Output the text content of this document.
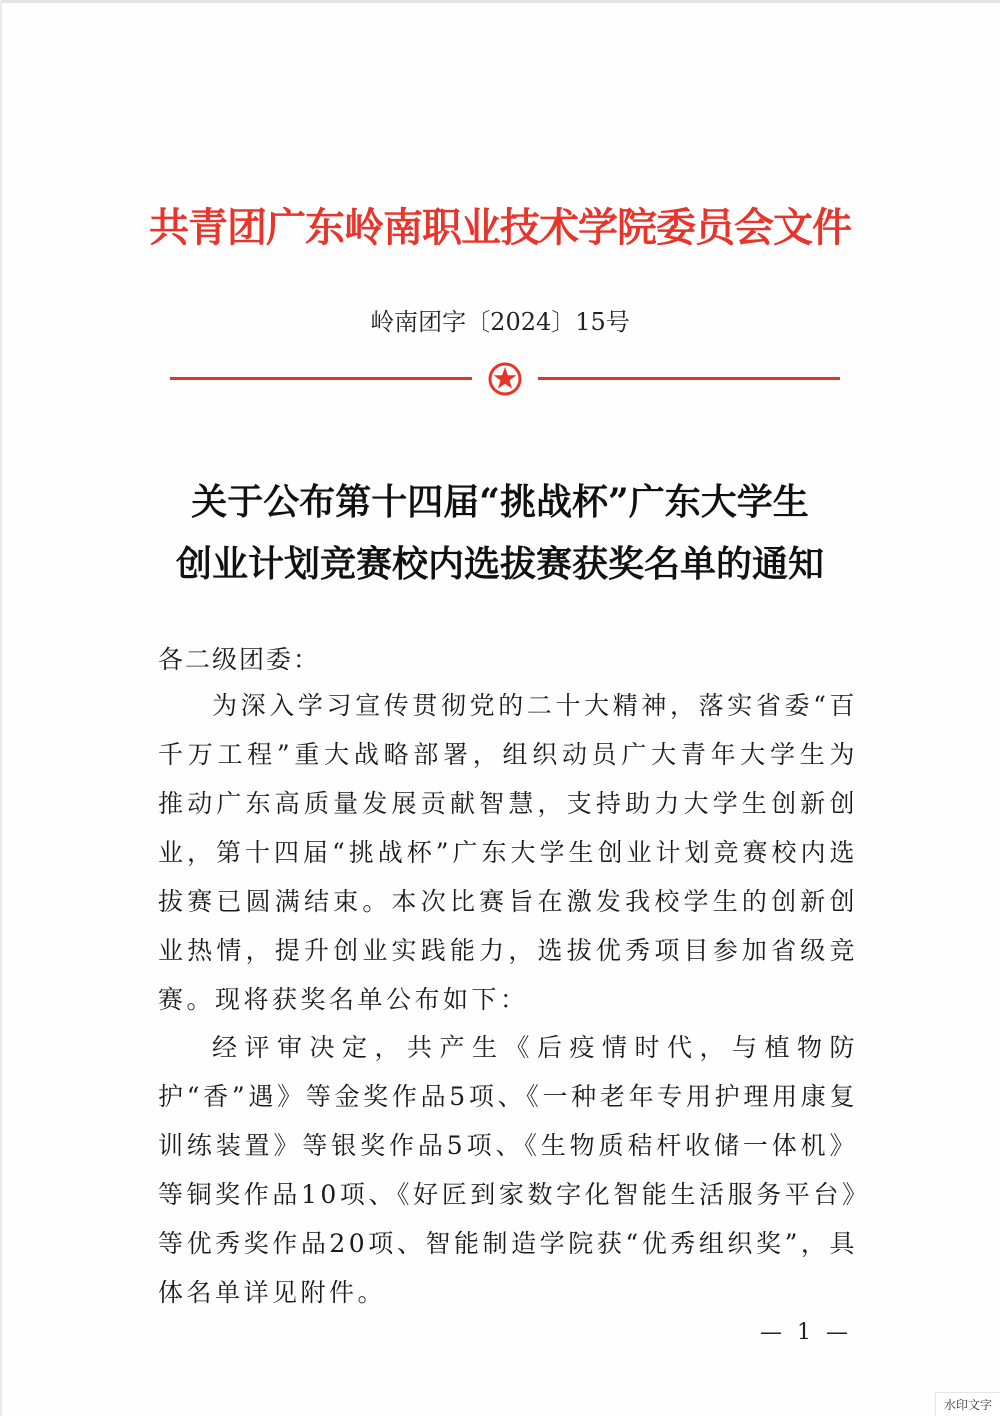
共青团广东岭南职业技术学院委员会文件
岭南团字〔2024〕15号
关于公布第十四届“挑战杯”广东大学生
创业计划竞赛校内选拔赛获奖名单的通知
各二级团委：
为深入学习宣传贯彻党的二十大精神，落实省委“百千万工程”重大战略部署，组织动员广大青年大学生为推动广东高质量发展贡献智慧，支持助力大学生创新创业，第十四届“挑战杯”广东大学生创业计划竞赛校内选拔赛已圆满结束。本次比赛旨在激发我校学生的创新创业热情，提升创业实践能力，选拔优秀项目参加省级竞赛。现将获奖名单公布如下：
经评审决定，共产生《后疫情时代，与植物防护“香”遇》等金奖作品5项、《一种老年专用护理用康复训练装置》等银奖作品5项、《生物质秸杆收储一体机》等铜奖作品10项、《好匠到家数字化智能生活服务平台》等优秀奖作品20项、智能制造学院获“优秀组织奖”，具体名单详见附件。
— 1 —
水印文字
